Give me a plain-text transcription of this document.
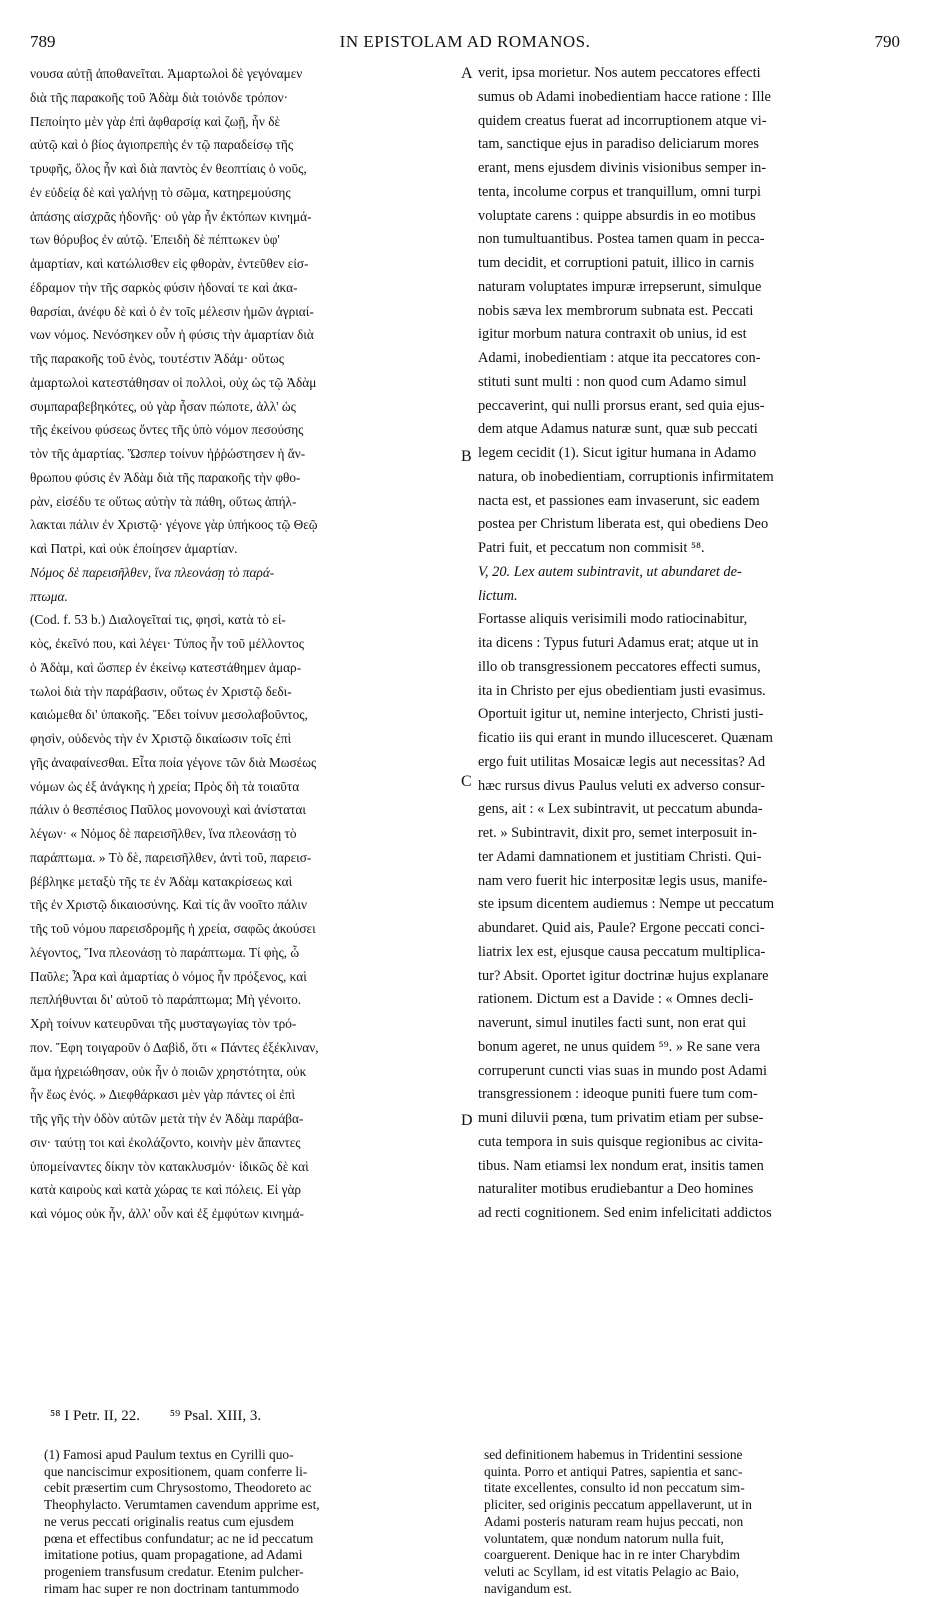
789	IN EPISTOLAM AD ROMANOS.	790
νουσα αὐτῇ ἀποθανεῖται. Ἁμαρτωλοὶ δὲ γεγόναμεν
διὰ τῆς παρακοῆς τοῦ Ἀδὰμ διὰ τοιόνδε τρόπον·
Πεποίητο μὲν γὰρ ἐπὶ ἀφθαρσίᾳ καὶ ζωῇ, ἦν δὲ
αὐτῷ καὶ ὁ βίος ἁγιοπρεπὴς ἐν τῷ παραδείσῳ τῆς
τρυφῆς, ὅλος ἦν καὶ διὰ παντὸς ἐν θεοπτίαις ὁ νοῦς,
ἐν εὐδείᾳ δὲ καὶ γαλήνῃ τὸ σῶμα, κατηρεμούσης
ἁπάσης αἰσχρᾶς ἡδονῆς· οὐ γὰρ ἦν ἐκτόπων κινημά-
των θόρυβος ἐν αὐτῷ. Ἐπειδὴ δὲ πέπτωκεν ὑφ'
ἁμαρτίαν, καὶ κατώλισθεν εἰς φθορὰν, ἐντεῦθεν εἰσ-
έδραμον τὴν τῆς σαρκὸς φύσιν ἡδοναί τε καὶ ἀκα-
θαρσίαι, ἀνέφυ δὲ καὶ ὁ ἐν τοῖς μέλεσιν ἡμῶν ἀγριαί-
νων νόμος. Νενόσηκεν οὖν ἡ φύσις τὴν ἁμαρτίαν διὰ
τῆς παρακοῆς τοῦ ἑνὸς, τουτέστιν Ἀδάμ· οὕτως
ἁμαρτωλοὶ κατεστάθησαν οἱ πολλοὶ, οὐχ ὡς τῷ Ἀδὰμ
συμπαραβεβηκότες, οὐ γὰρ ἦσαν πώποτε, ἀλλ' ὡς
τῆς ἐκείνου φύσεως ὄντες τῆς ὑπὸ νόμον πεσούσης
τὸν τῆς ἁμαρτίας. Ὥσπερ τοίνυν ἠῤῥώστησεν ἡ ἄν-
θρωπου φύσις ἐν Ἀδὰμ διὰ τῆς παρακοῆς τὴν φθο-
ρὰν, εἰσέδυ τε οὕτως αὐτὴν τὰ πάθη, οὕτως ἀπήλ-
λακται πάλιν ἐν Χριστῷ· γέγονε γὰρ ὑπήκοος τῷ Θεῷ
καὶ Πατρὶ, καὶ οὐκ ἐποίησεν ἁμαρτίαν.
Νόμος δὲ παρεισῆλθεν, ἵνα πλεονάσῃ τὸ παρά-
πτωμα.
(Cod. f. 53 b.) Διαλογεῖταί τις, φησὶ, κατὰ τὸ εἰ-
κὸς, ἐκεῖνό που, καὶ λέγει· Τύπος ἦν τοῦ μέλλοντος
ὁ Ἀδὰμ, καὶ ὥσπερ ἐν ἐκείνῳ κατεστάθημεν ἁμαρ-
τωλοὶ διὰ τὴν παράβασιν, οὕτως ἐν Χριστῷ δεδι-
καιώμεθα δι' ὑπακοῆς. Ἔδει τοίνυν μεσολαβοῦντος,
φησὶν, οὐδενὸς τὴν ἐν Χριστῷ δικαίωσιν τοῖς ἐπὶ
γῆς ἀναφαίνεσθαι. Εἶτα ποία γέγονε τῶν διὰ Μωσέως
νόμων ὡς ἐξ ἀνάγκης ἡ χρεία; Πρὸς δὴ τὰ τοιαῦτα
πάλιν ὁ θεσπέσιος Παῦλος μονονουχὶ καὶ ἀνίσταται
λέγων· « Νόμος δὲ παρεισῆλθεν, ἵνα πλεονάσῃ τὸ
παράπτωμα. » Τὸ δὲ, παρεισῆλθεν, ἀντὶ τοῦ, παρεισ-
βέβληκε μεταξὺ τῆς τε ἐν Ἀδὰμ κατακρίσεως καὶ
τῆς ἐν Χριστῷ δικαιοσύνης. Καὶ τίς ἂν νοοῖτο πάλιν
τῆς τοῦ νόμου παρεισδρομῆς ἡ χρεία, σαφῶς ἀκούσει
λέγοντος, Ἵνα πλεονάσῃ τὸ παράπτωμα. Τί φὴς, ὦ
Παῦλε; Ἆρα καὶ ἁμαρτίας ὁ νόμος ἦν πρόξενος, καὶ
πεπλήθυνται δι' αὐτοῦ τὸ παράπτωμα; Μὴ γένοιτο.
Χρὴ τοίνυν κατευρῦναι τῆς μυσταγωγίας τὸν τρό-
πον. Ἔφη τοιγαροῦν ὁ Δαβὶδ, ὅτι « Πάντες ἐξέκλιναν,
ἅμα ἠχρειώθησαν, οὐκ ἦν ὁ ποιῶν χρηστότητα, οὐκ
ἦν ἕως ἑνός. » Διεφθάρκασι μὲν γὰρ πάντες οἱ ἐπὶ
τῆς γῆς τὴν ὁδὸν αὐτῶν μετὰ τὴν ἐν Ἀδὰμ παράβα-
σιν· ταύτῃ τοι καὶ ἐκολάζοντο, κοινὴν μὲν ἅπαντες
ὑπομείναντες δίκην τὸν κατακλυσμόν· ἰδικῶς δὲ καὶ
κατὰ καιροὺς καὶ κατὰ χώρας τε καὶ πόλεις. Εἰ γὰρ
καὶ νόμος οὐκ ἦν, ἀλλ' οὖν καὶ ἐξ ἐμφύτων κινημά-
verit, ipsa morietur. Nos autem peccatores effecti
sumus ob Adami inobedientiam hacce ratione : Ille
quidem creatus fuerat ad incorruptionem atque vi-
tam, sanctique ejus in paradiso deliciarum mores
erant, mens ejusdem divinis visionibus semper in-
tenta, incolume corpus et tranquillum, omni turpi
voluptate carens : quippe absurdis in eo motibus
non tumultuantibus. Postea tamen quam in pecca-
tum decidit, et corruptioni patuit, illico in carnis
naturam voluptates impuræ irrepserunt, simulque
nobis sæva lex membrorum subnata est. Peccati
igitur morbum natura contraxit ob unius, id est
Adami, inobedientiam : atque ita peccatores con-
stituti sunt multi : non quod cum Adamo simul
peccaverint, qui nulli prorsus erant, sed quia ejus-
dem atque Adamus naturæ sunt, quæ sub peccati
legem cecidit (1). Sicut igitur humana in Adamo
natura, ob inobedientiam, corruptionis infirmitatem
nacta est, et passiones eam invaserunt, sic eadem
postea per Christum liberata est, qui obediens Deo
Patri fuit, et peccatum non commisit ⁵⁸.
V, 20. Lex autem subintravit, ut abundaret de-
lictum.
Fortasse aliquis verisimili modo ratiocinabitur,
ita dicens : Typus futuri Adamus erat; atque ut in
illo ob transgressionem peccatores effecti sumus,
ita in Christo per ejus obedientiam justi evasimus.
Oportuit igitur ut, nemine interjecto, Christi justi-
ficatio iis qui erant in mundo illucesceret. Quænam
ergo fuit utilitas Mosaicæ legis aut necessitas? Ad
hæc rursus divus Paulus veluti ex adverso consur-
gens, ait : « Lex subintravit, ut peccatum abunda-
ret. » Subintravit, dixit pro, semet interposuit in-
ter Adami damnationem et justitiam Christi. Qui-
nam vero fuerit hic interpositæ legis usus, manife-
ste ipsum dicentem audiemus : Nempe ut peccatum
abundaret. Quid ais, Paule? Ergone peccati conci-
liatrix lex est, ejusque causa peccatum multiplica-
tur? Absit. Oportet igitur doctrinæ hujus explanare
rationem. Dictum est a Davide : « Omnes decli-
naverunt, simul inutiles facti sunt, non erat qui
bonum ageret, ne unus quidem ⁵⁹. » Re sane vera
corruperunt cuncti vias suas in mundo post Adami
transgressionem : ideoque puniti fuere tum com-
muni diluvii pœna, tum privatim etiam per subse-
cuta tempora in suis quisque regionibus ac civita-
tibus. Nam etiamsi lex nondum erat, insitis tamen
naturaliter motibus erudiebantur a Deo homines
ad recti cognitionem. Sed enim infelicitati addictos
A
B
C
D
⁵⁸ I Petr. II, 22. ⁵⁹ Psal. XIII, 3.
(1) Famosi apud Paulum textus en Cyrilli quo-
que nanciscimur expositionem, quam conferre li-
cebit præsertim cum Chrysostomo, Theodoreto ac
Theophylacto. Verumtamen cavendum apprime est,
ne verus peccati originalis reatus cum ejusdem
pœna et effectibus confundatur; ac ne id peccatum
imitatione potius, quam propagatione, ad Adami
progeniem transfusum credatur. Etenim pulcher-
rimam hac super re non doctrinam tantummodo
sed definitionem habemus in Tridentini sessione
quinta. Porro et antiqui Patres, sapientia et sanc-
titate excellentes, consulto id non peccatum sim-
pliciter, sed originis peccatum appellaverunt, ut in
Adami posteris naturam ream hujus peccati, non
voluntatem, quæ nondum natorum nulla fuit,
coarguerent. Denique hac in re inter Charybdim
veluti ac Scyllam, id est vitatis Pelagio ac Baio,
navigandum est.
